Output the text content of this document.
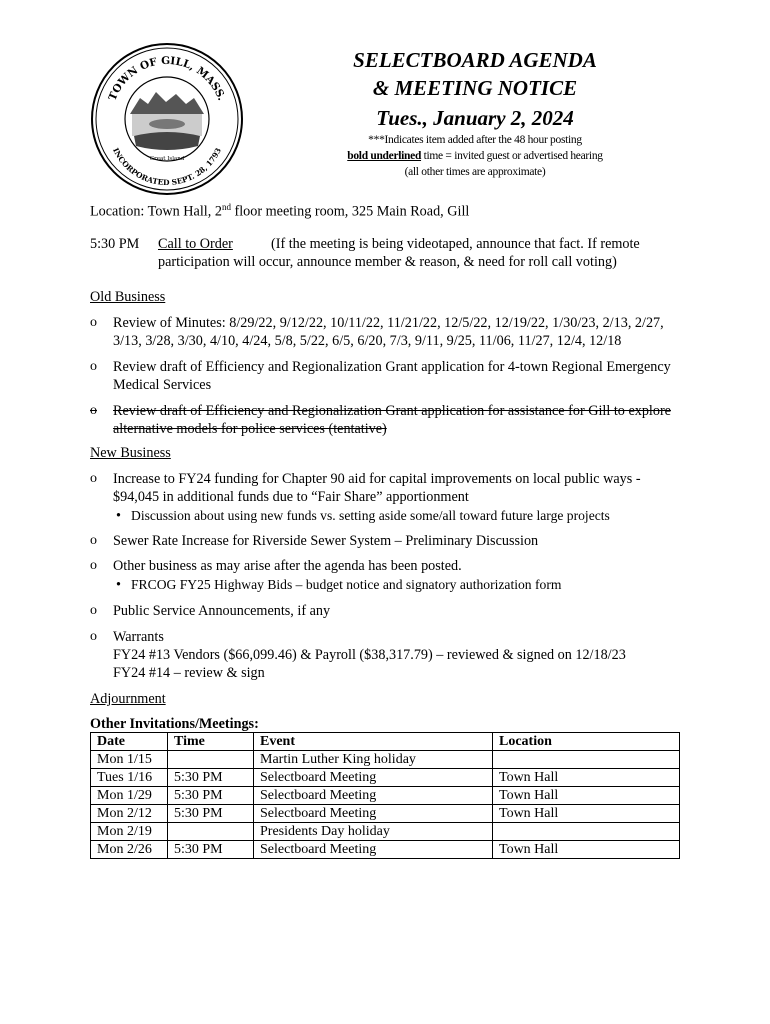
TOWN OF GILL, MASS.
INCORPORATED SEPT. 28, 1793
Great Island
SELECTBOARD AGENDA
& MEETING NOTICE
Tues., January 2, 2024
***Indicates item added after the 48 hour posting
bold underlined time = invited guest or advertised hearing
(all other times are approximate)
Location: Town Hall, 2nd floor meeting room, 325 Main Road, Gill
5:30 PM Call to Order	(If the meeting is being videotaped, announce that fact. If remote
participation will occur, announce member & reason, & need for roll call voting)
Old Business
o Review of Minutes: 8/29/22, 9/12/22, 10/11/22, 11/21/22, 12/5/22, 12/19/22, 1/30/23, 2/13, 2/27,
3/13, 3/28, 3/30, 4/10, 4/24, 5/8, 5/22, 6/5, 6/20, 7/3, 9/11, 9/25, 11/06, 11/27, 12/4, 12/18
o Review draft of Efficiency and Regionalization Grant application for 4-town Regional Emergency
Medical Services
o	Review draft of Efficiency and Regionalization Grant application for assistance for Gill to explore
alternative models for police services (tentative)
New Business
o Increase to FY24 funding for Chapter 90 aid for capital improvements on local public ways -
$94,045 in additional funds due to “Fair Share” apportionment
• Discussion about using new funds vs. setting aside some/all toward future large projects
o Sewer Rate Increase for Riverside Sewer System – Preliminary Discussion
o Other business as may arise after the agenda has been posted.
• FRCOG FY25 Highway Bids – budget notice and signatory authorization form
o Public Service Announcements, if any
o Warrants
FY24 #13 Vendors ($66,099.46) & Payroll ($38,317.79) – reviewed & signed on 12/18/23
FY24 #14 – review & sign
Adjournment
Other Invitations/Meetings:
Date	Time	Event	Location
Mon 1/15		Martin Luther King holiday	
Tues 1/16	5:30 PM	Selectboard Meeting	Town Hall
Mon 1/29	5:30 PM	Selectboard Meeting	Town Hall
Mon 2/12	5:30 PM	Selectboard Meeting	Town Hall
Mon 2/19		Presidents Day holiday	
Mon 2/26	5:30 PM	Selectboard Meeting	Town Hall
